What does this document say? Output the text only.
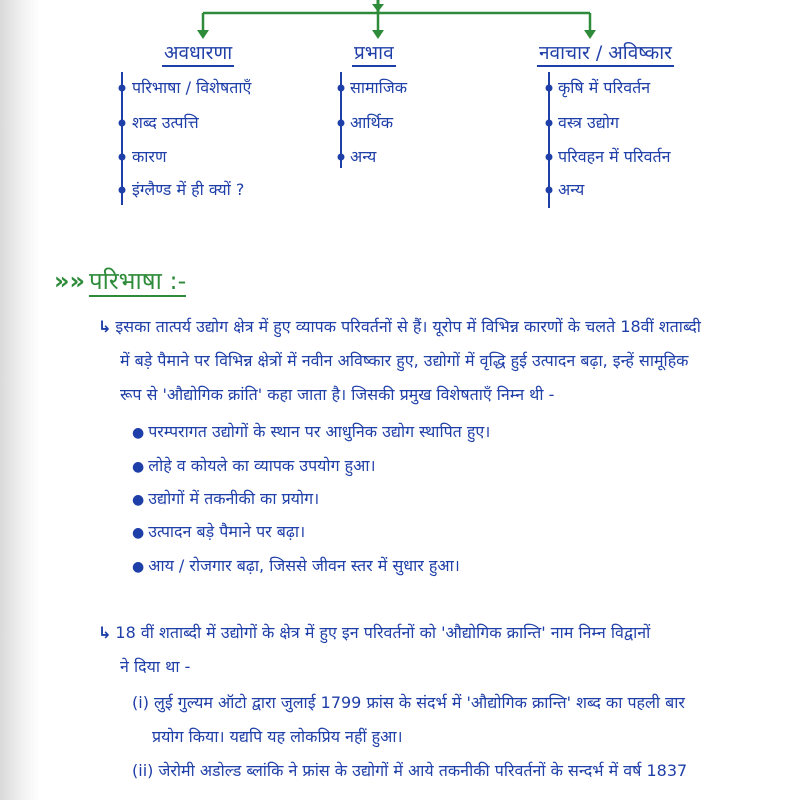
अवधारणा	प्रभाव	नवाचार / अविष्कार
परिभाषा / विशेषताएँ
शब्द उत्पत्ति
कारण
इंग्लैण्ड में ही क्यों ?
सामाजिक
आर्थिक
अन्य
कृषि में परिवर्तन
वस्त्र उद्योग
परिवहन में परिवर्तन
अन्य
»» परिभाषा :-
↳ इसका तात्पर्य उद्योग क्षेत्र में हुए व्यापक परिवर्तनों से हैं। यूरोप में विभिन्न कारणों के चलते 18वीं शताब्दी
में बड़े पैमाने पर विभिन्न क्षेत्रों में नवीन अविष्कार हुए, उद्योगों में वृद्धि हुई उत्पादन बढ़ा, इन्हें सामूहिक
रूप से 'औद्योगिक क्रांति' कहा जाता है। जिसकी प्रमुख विशेषताएँ निम्न थी -
● परम्परागत उद्योगों के स्थान पर आधुनिक उद्योग स्थापित हुए।
● लोहे व कोयले का व्यापक उपयोग हुआ।
● उद्योगों में तकनीकी का प्रयोग।
● उत्पादन बड़े पैमाने पर बढ़ा।
● आय / रोजगार बढ़ा, जिससे जीवन स्तर में सुधार हुआ।
↳ 18 वीं शताब्दी में उद्योगों के क्षेत्र में हुए इन परिवर्तनों को 'औद्योगिक क्रान्ति' नाम निम्न विद्वानों
ने दिया था -
(i) लुई गुल्यम ऑटो द्वारा जुलाई 1799 फ्रांस के संदर्भ में 'औद्योगिक क्रान्ति' शब्द का पहली बार
प्रयोग किया। यद्यपि यह लोकप्रिय नहीं हुआ।
(ii) जेरोमी अडोल्ड ब्लांकि ने फ्रांस के उद्योगों में आये तकनीकी परिवर्तनों के सन्दर्भ में वर्ष 1837
